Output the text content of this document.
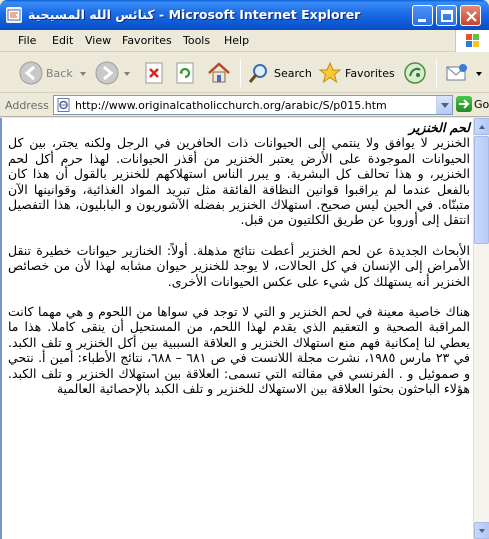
كنائس الله المسيحية - Microsoft Internet Explorer
File Edit View Favorites Tools Help
Back	Search	Favorites
Address http://www.originalcatholicchurch.org/arabic/S/p015.htm	Go
لحم الخنزير

الخنزير لا يوافق ولا ينتمي إلى الحيوانات ذات الحافرين في الرجل ولكنه يجتر، بين كل الحيوانات الموجودة على الأرض يعتبر الخنزير من أقذر الحيوانات. لهذا حرم أكل لحم الخنزير، و هذا تحالف كل البشرية. و يبرر الناس استهلاكهم للخنزير بالقول أن هذا كان بالفعل عندما لم يراقبوا قوانين النظافة الفائقة مثل تبريد المواد الغذائية، وقوانينها الآن متبنّاه. في الحين ليس صحيح. استهلاك الخنزير بفضله الآشوريون و البابليون، هذا التفصيل انتقل إلى أوروبا عن طريق الكلتيون من قبل.

الأبحاث الجديدة عن لحم الخنزير أعطت نتائج مذهلة. أولاً: الخنازير حيوانات خطيرة تنقل الأمراض إلى الإنسان في كل الحالات، لا يوجد للخنزير حيوان مشابه لهذا لأن من خصائص الخنزير أنه يستهلك كل شيء على عكس الحيوانات الأخرى.

هناك خاصية معينة في لحم الخنزير و التي لا توجد في سواها من اللحوم و هي مهما كانت المراقبة الصحية و التعقيم الذي يقدم لهذا اللحم، من المستحيل أن ينقى كاملا. هذا ما يعطي لنا إمكانية فهم منع استهلاك الخنزير و العلاقة السببية بين أكل الخنزير و تلف الكبد. في ٢٣ مارس ١٩٨٥، نشرت مجلة اللانست في ص ٦٨١ – ٦٨٨، نتائج الأطباء: أمين أ. نتحي و صموئيل و . الفرنسي في مقالته التي تسمى: العلاقة بين استهلاك الخنزير و تلف الكبد. هؤلاء الباحثون بحثوا العلاقة بين الاستهلاك للخنزير و تلف الكبد بالإحصائية العالمية
